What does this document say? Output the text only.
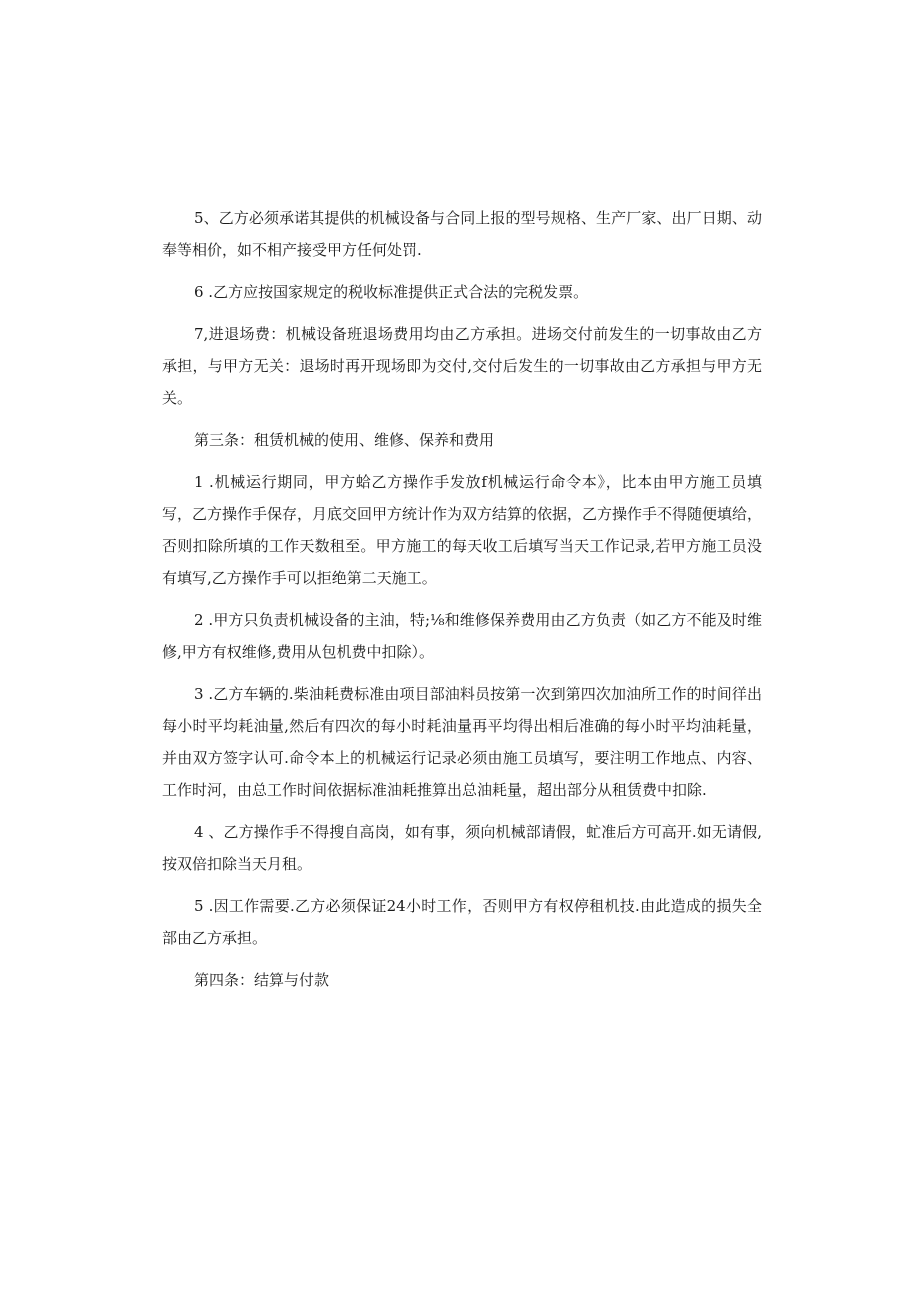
5、乙方必须承诺其提供的机械设备与合同上报的型号规格、生产厂家、出厂日期、动奉等相价，如不相产接受甲方任何处罚.

6 .乙方应按国家规定的税收标准提供正式合法的完税发票。

7,进退场费：机械设备班退场费用均由乙方承担。进场交付前发生的一切事故由乙方承担，与甲方无关：退场时再开现场即为交付,交付后发生的一切事故由乙方承担与甲方无关。

第三条：租赁机械的使用、维修、保养和费用

1 .机械运行期同，甲方蛤乙方操作手发放f机械运行命令本》，比本由甲方施工员填写，乙方操作手保存，月底交回甲方统计作为双方结算的依据，乙方操作手不得随便填给，否则扣除所填的工作天数租至。甲方施工的每天收工后填写当天工作记录,若甲方施工员没有填写,乙方操作手可以拒绝第二天施工。

2 .甲方只负责机械设备的主油，特;⅛和维修保养费用由乙方负责（如乙方不能及时维修,甲方有权维修,费用从包机费中扣除）。

3 .乙方车辆的.柴油耗费标准由项目部油料员按第一次到第四次加油所工作的时间徉出每小时平均耗油量,然后有四次的每小时耗油量再平均得出相后准确的每小时平均油耗量，并由双方签字认可.命令本上的机械运行记录必须由施工员填写，要注明工作地点、内容、工作时河，由总工作时间依据标准油耗推算出总油耗量，超出部分从租赁费中扣除.

4 、乙方操作手不得搜自高岗，如有事，须向机械部请假，虻准后方可高开.如无请假,按双倍扣除当天月租。

5 .因工作需要.乙方必须保证24小时工作，否则甲方有权停租机技.由此造成的损失全部由乙方承担。

第四条：结算与付款
